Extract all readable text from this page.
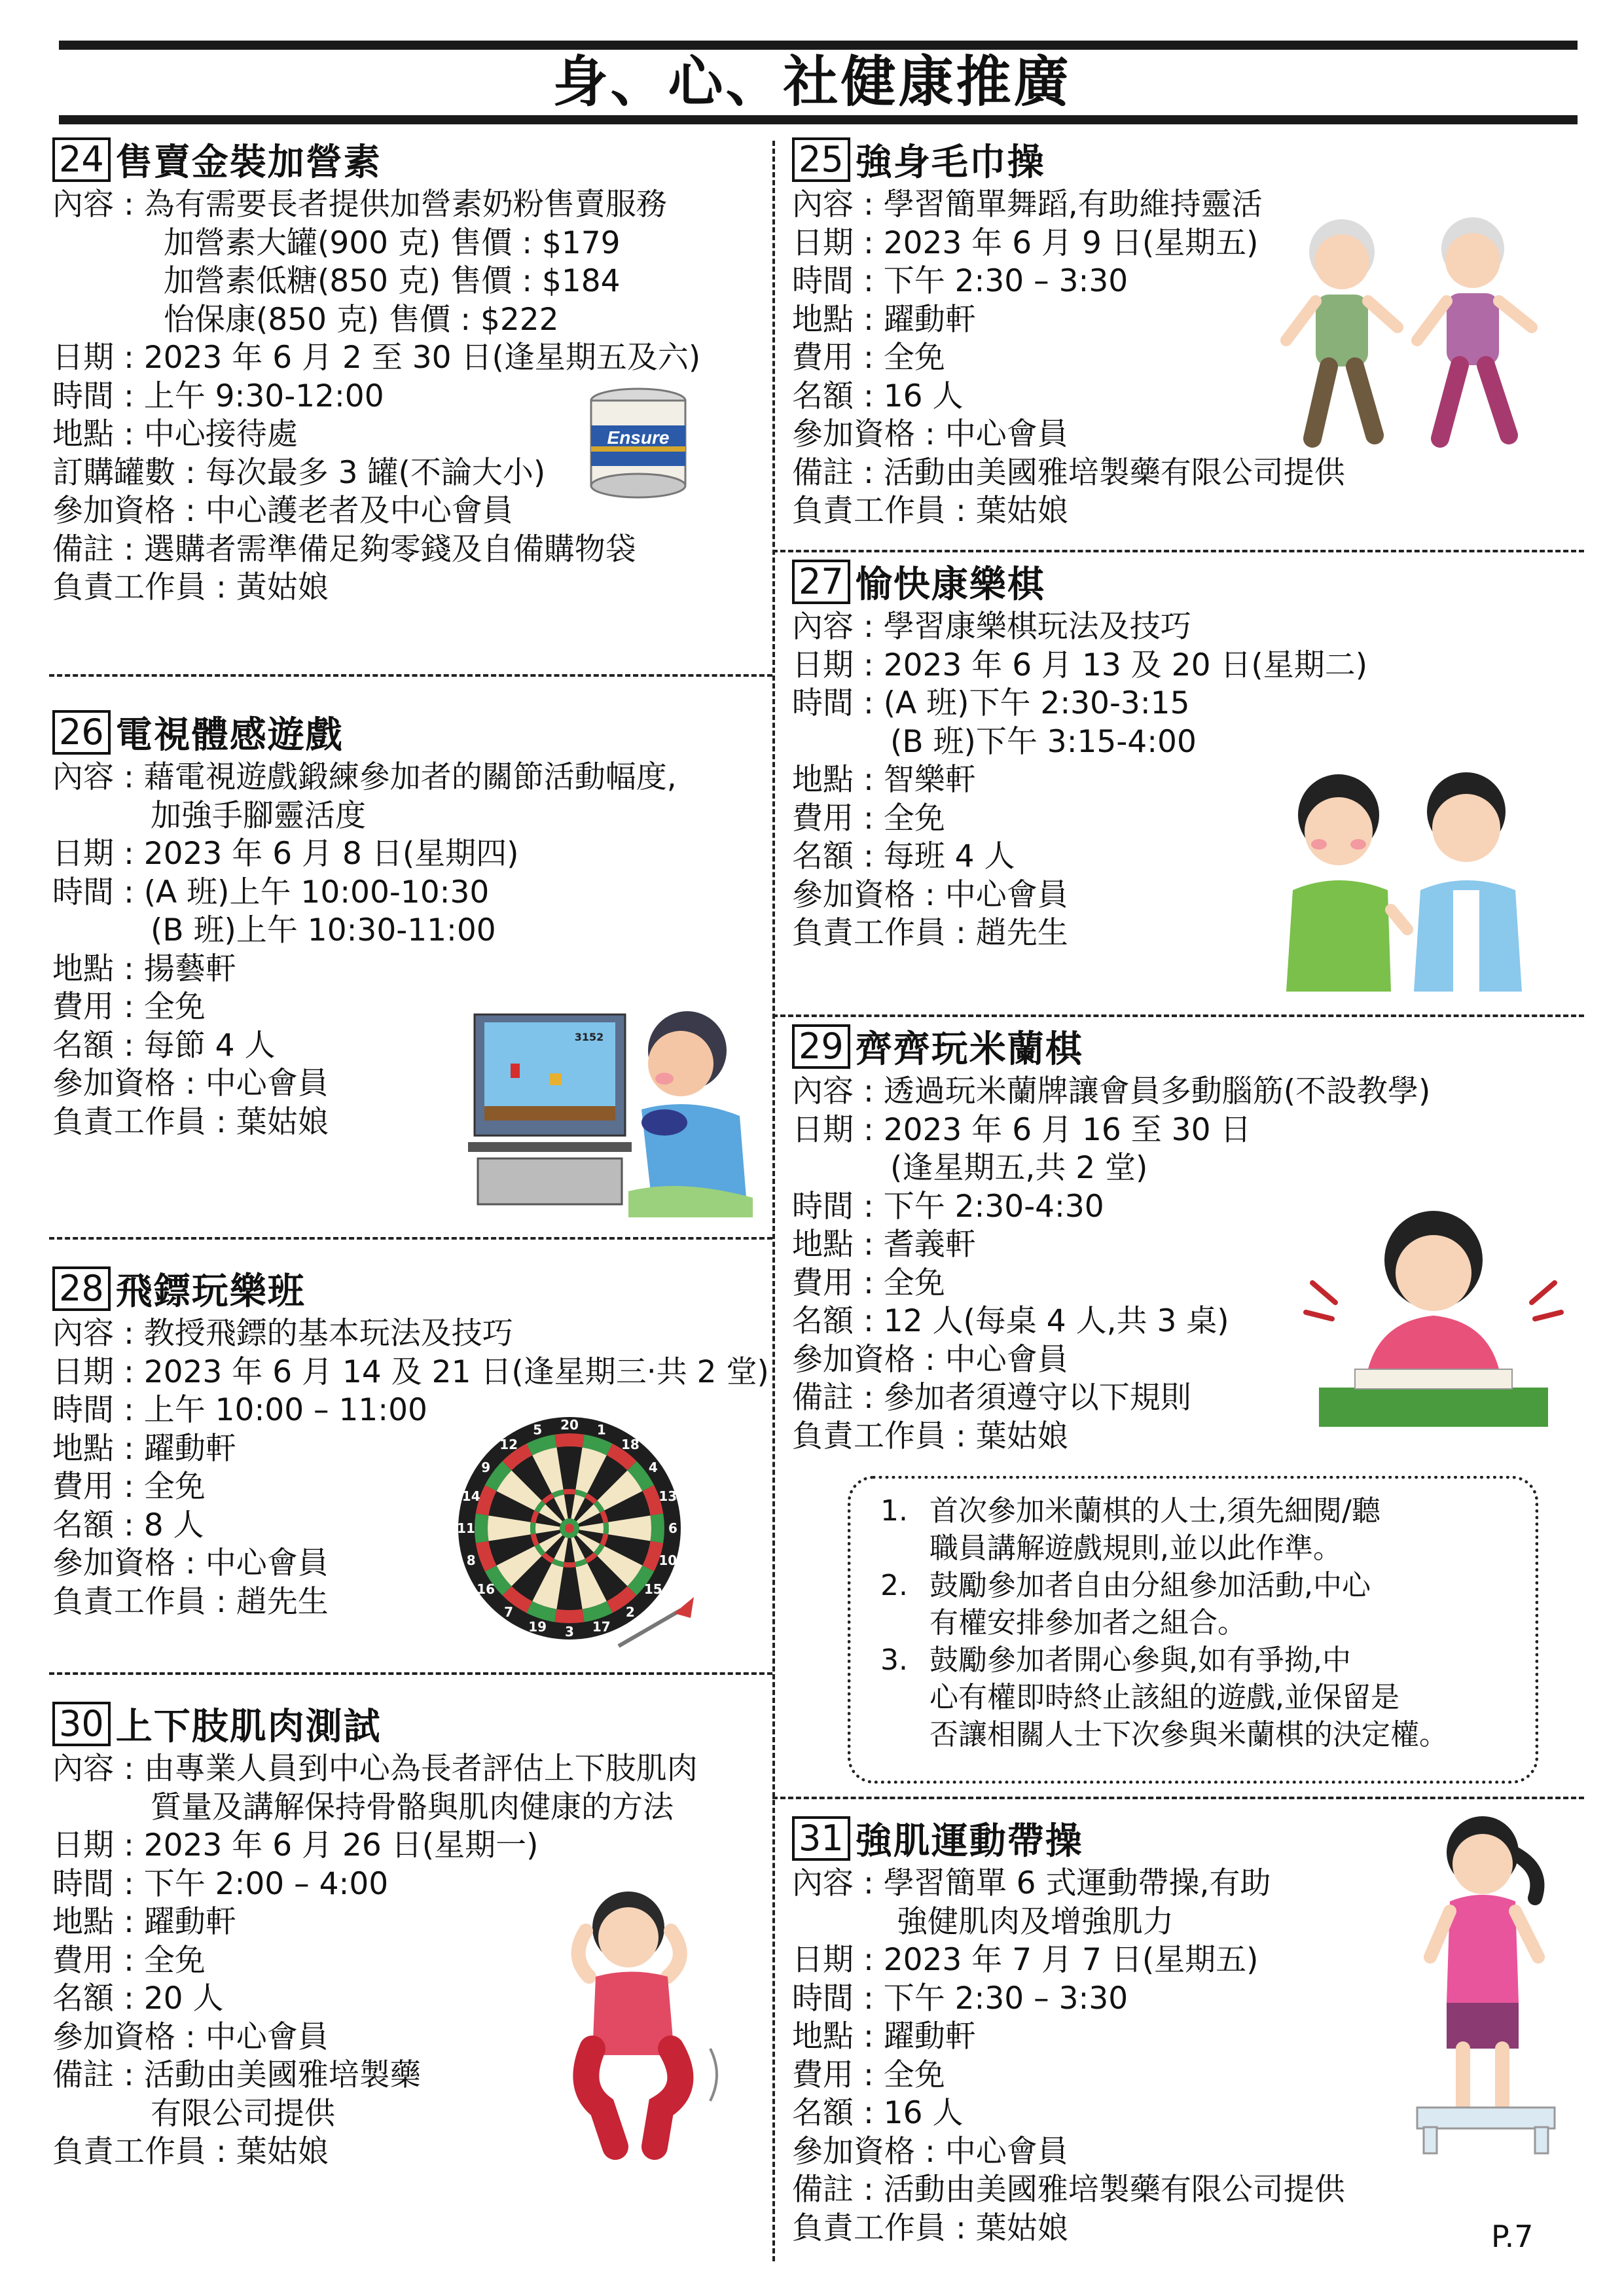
身、心、社健康推廣
24 售賣金裝加營素
內容 : 為有需要長者提供加營素奶粉售賣服務
加營素大罐(900 克) 售價 : $179
加營素低糖(850 克) 售價 : $184
怡保康(850 克) 售價 : $222
日期 : 2023 年 6 月 2 至 30 日(逢星期五及六)
時間 : 上午 9:30-12:00
地點 : 中心接待處
訂購罐數 : 每次最多 3 罐(不論大小)
參加資格 : 中心護老者及中心會員
備註 : 選購者需準備足夠零錢及自備購物袋
負責工作員 : 黃姑娘
Ensure
26 電視體感遊戲
內容 : 藉電視遊戲鍛練參加者的關節活動幅度,
加強手腳靈活度
日期 : 2023 年 6 月 8 日(星期四)
時間 : (A 班)上午 10:00-10:30
(B 班)上午 10:30-11:00
地點 : 揚藝軒
費用 : 全免
名額 : 每節 4 人
參加資格 : 中心會員
負責工作員 : 葉姑娘
3152
28 飛鏢玩樂班
內容 : 教授飛鏢的基本玩法及技巧
日期 : 2023 年 6 月 14 及 21 日(逢星期三‧共 2 堂)
時間 : 上午 10:00 – 11:00
地點 : 躍動軒
費用 : 全免
名額 : 8 人
參加資格 : 中心會員
負責工作員 : 趙先生
20 1
18
4
13
6
10
15
2
17
3
19
7
16
8
11
14
9
12
5
30 上下肢肌肉測試
內容 : 由專業人員到中心為長者評估上下肢肌肉
質量及講解保持骨骼與肌肉健康的方法
日期 : 2023 年 6 月 26 日(星期一)
時間 : 下午 2:00 – 4:00
地點 : 躍動軒
費用 : 全免
名額 : 20 人
參加資格 : 中心會員
備註 : 活動由美國雅培製藥
有限公司提供
負責工作員 : 葉姑娘
25 強身毛巾操
內容 : 學習簡單舞蹈,有助維持靈活
日期 : 2023 年 6 月 9 日(星期五)
時間 : 下午 2:30 – 3:30
地點 : 躍動軒
費用 : 全免
名額 : 16 人
參加資格 : 中心會員
備註 : 活動由美國雅培製藥有限公司提供
負責工作員 : 葉姑娘
27 愉快康樂棋
內容 : 學習康樂棋玩法及技巧
日期 : 2023 年 6 月 13 及 20 日(星期二)
時間 : (A 班)下午 2:30-3:15
(B 班)下午 3:15-4:00
地點 : 智樂軒
費用 : 全免
名額 : 每班 4 人
參加資格 : 中心會員
負責工作員 : 趙先生
29 齊齊玩米蘭棋
內容 : 透過玩米蘭牌讓會員多動腦筋(不設教學)
日期 : 2023 年 6 月 16 至 30 日
(逢星期五,共 2 堂)
時間 : 下午 2:30-4:30
地點 : 耆義軒
費用 : 全免
名額 : 12 人(每桌 4 人,共 3 桌)
參加資格 : 中心會員
備註 : 參加者須遵守以下規則
負責工作員 : 葉姑娘
1. 首次參加米蘭棋的人士,須先細閱/聽
職員講解遊戲規則,並以此作準。
2. 鼓勵參加者自由分組參加活動,中心
有權安排參加者之組合。
3. 鼓勵參加者開心參與,如有爭拗,中
心有權即時終止該組的遊戲,並保留是
否讓相關人士下次參與米蘭棋的決定權。
31 強肌運動帶操
內容 : 學習簡單 6 式運動帶操,有助
強健肌肉及增強肌力
日期 : 2023 年 7 月 7 日(星期五)
時間 : 下午 2:30 – 3:30
地點 : 躍動軒
費用 : 全免
名額 : 16 人
參加資格 : 中心會員
備註 : 活動由美國雅培製藥有限公司提供
負責工作員 : 葉姑娘	P.7
